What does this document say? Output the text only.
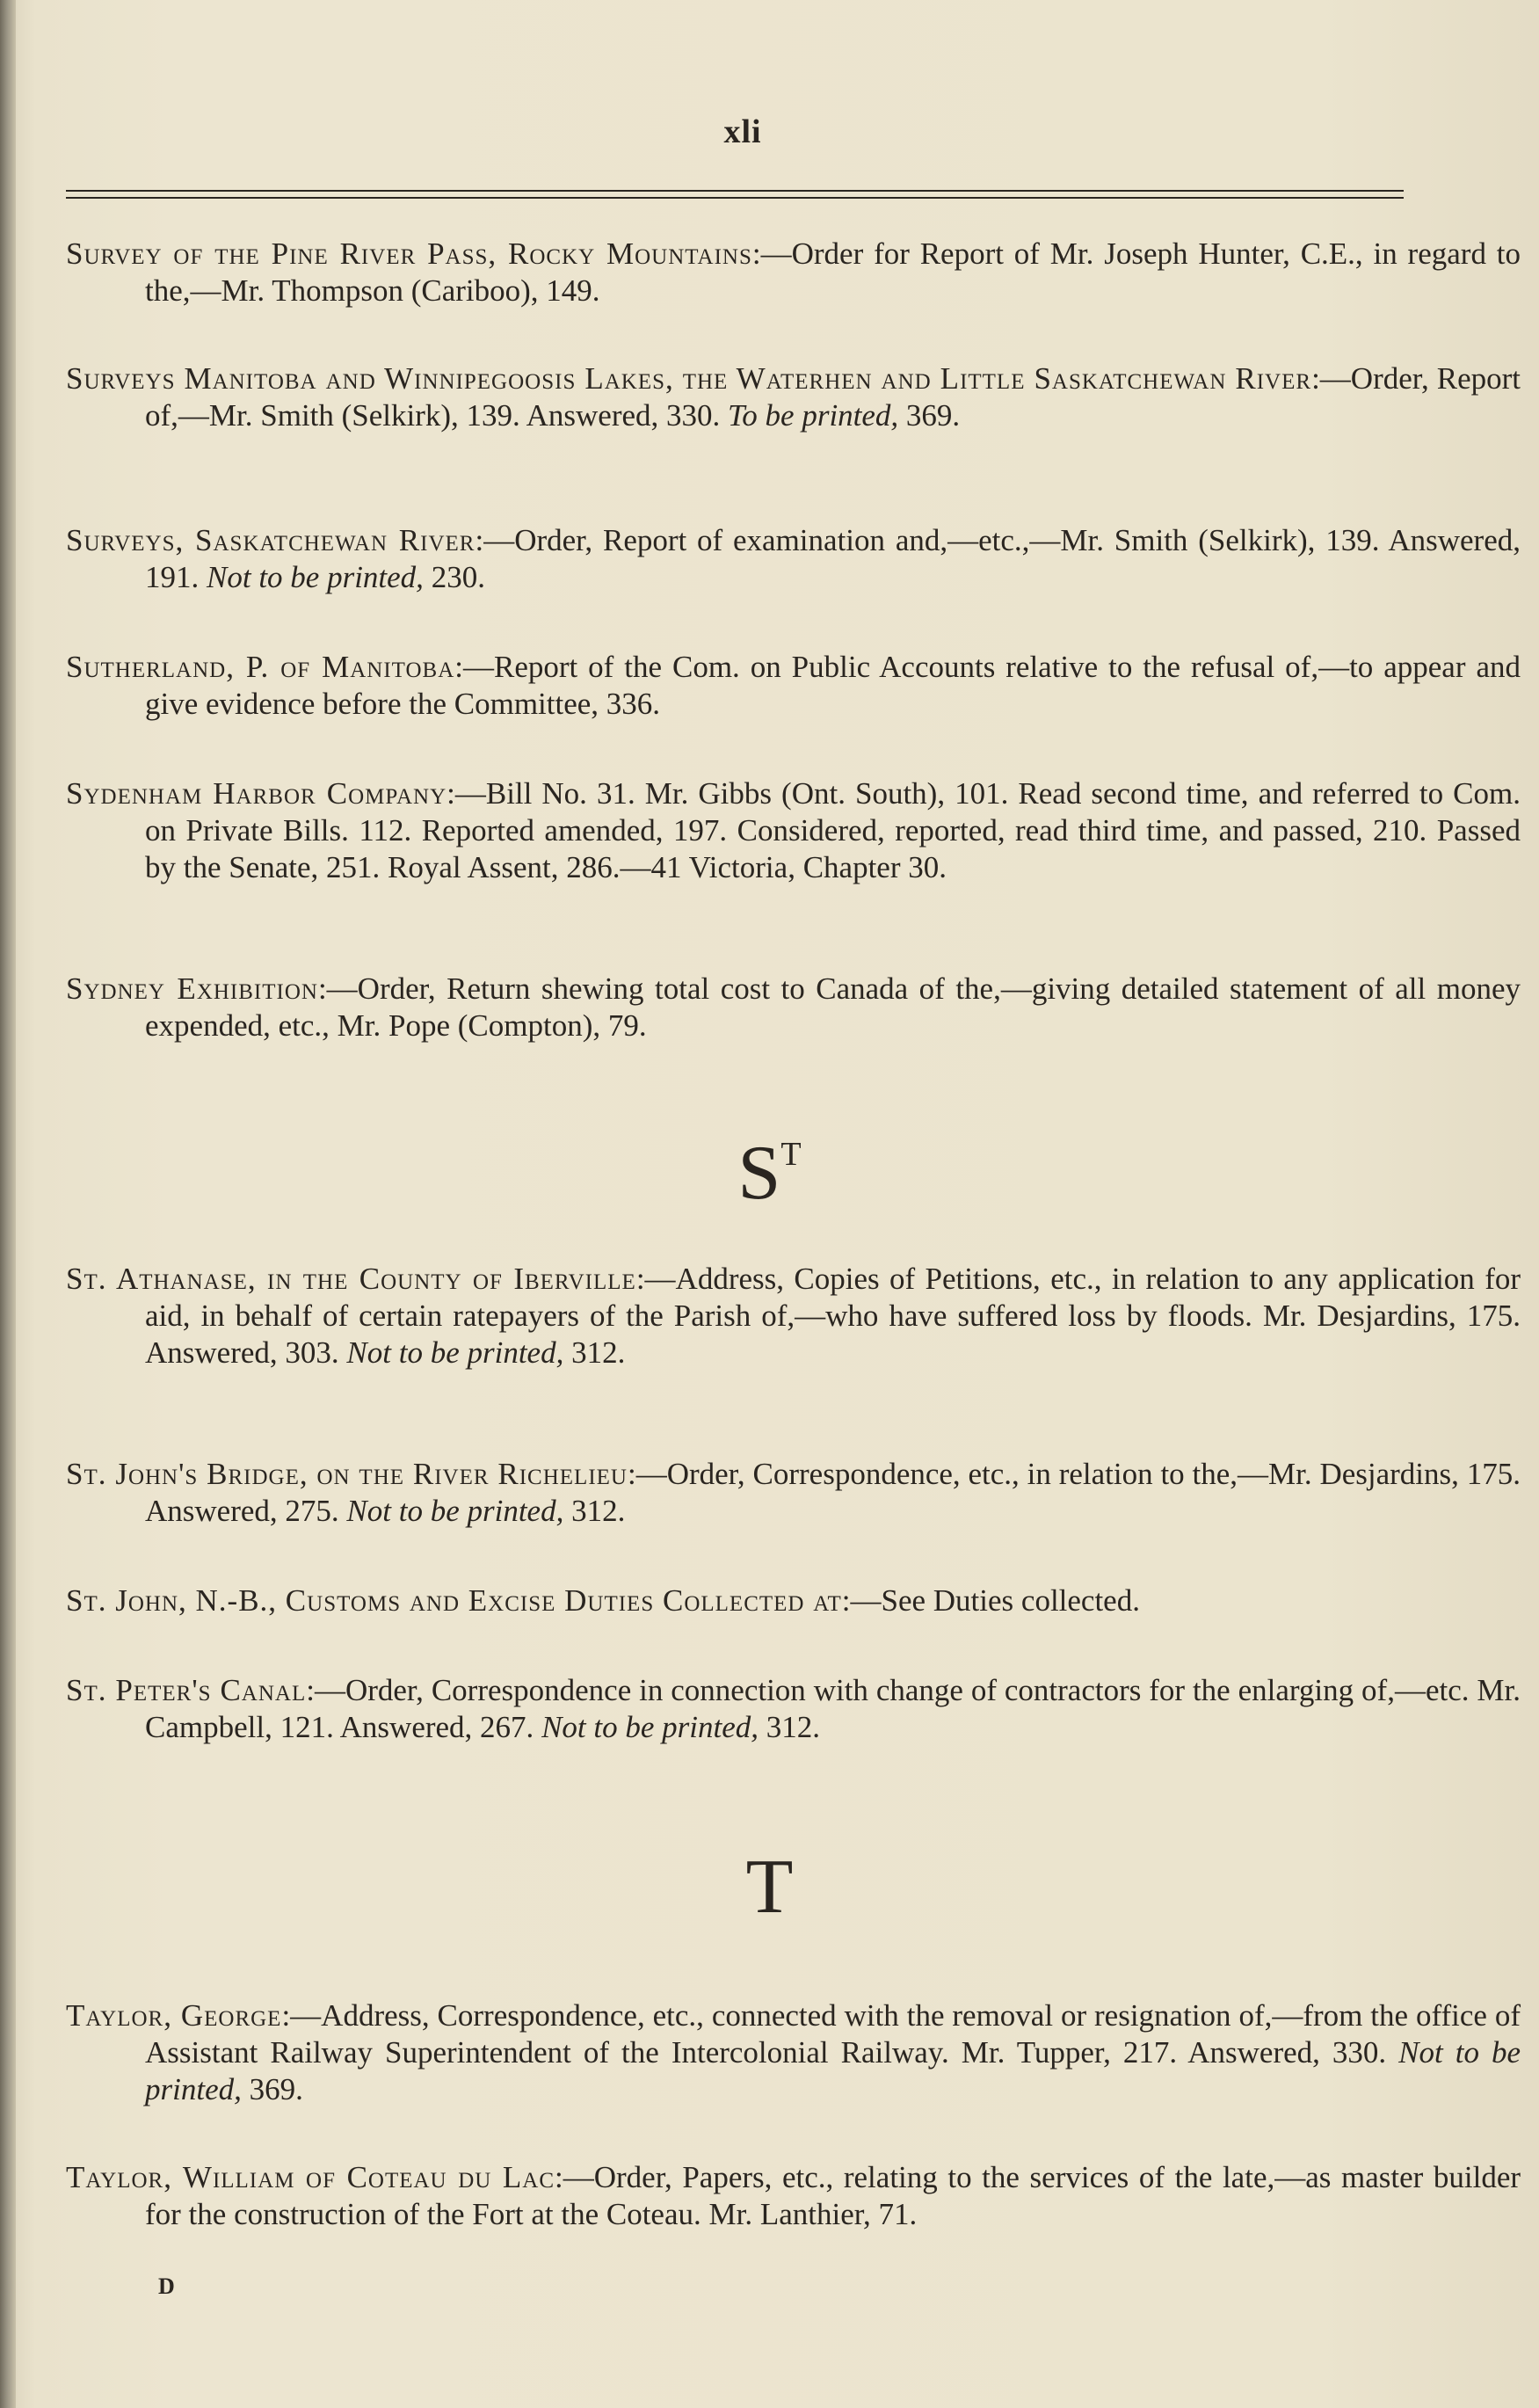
xli
Survey of the Pine River Pass, Rocky Mountains:—Order for Report of Mr. Joseph Hunter, C.E., in regard to the,—Mr. Thompson (Cariboo), 149.
Surveys Manitoba and Winnipegoosis Lakes, the Waterhen and Little Saskatchewan River:—Order, Report of,—Mr. Smith (Selkirk), 139. Answered, 330. To be printed, 369.
Surveys, Saskatchewan River:—Order, Report of examination and,—etc.,—Mr. Smith (Selkirk), 139. Answered, 191. Not to be printed, 230.
Sutherland, P. of Manitoba:—Report of the Com. on Public Accounts relative to the refusal of,—to appear and give evidence before the Committee, 336.
Sydenham Harbor Company:—Bill No. 31. Mr. Gibbs (Ont. South), 101. Read second time, and referred to Com. on Private Bills. 112. Reported amended, 197. Considered, reported, read third time, and passed, 210. Passed by the Senate, 251. Royal Assent, 286.—41 Victoria, Chapter 30.
Sydney Exhibition:—Order, Return shewing total cost to Canada of the,—giving detailed statement of all money expended, etc., Mr. Pope (Compton), 79.
$S^T$
St. Athanase, in the County of Iberville:—Address, Copies of Petitions, etc., in relation to any application for aid, in behalf of certain ratepayers of the Parish of,—who have suffered loss by floods. Mr. Desjardins, 175. Answered, 303. Not to be printed, 312.
St. John's Bridge, on the River Richelieu:—Order, Correspondence, etc., in relation to the,—Mr. Desjardins, 175. Answered, 275. Not to be printed, 312.
St. John, N.-B., Customs and Excise Duties Collected at:—See Duties collected.
St. Peter's Canal:—Order, Correspondence in connection with change of contractors for the enlarging of,—etc. Mr. Campbell, 121. Answered, 267. Not to be printed, 312.
T
Taylor, George:—Address, Correspondence, etc., connected with the removal or resignation of,—from the office of Assistant Railway Superintendent of the Intercolonial Railway. Mr. Tupper, 217. Answered, 330. Not to be printed, 369.
Taylor, William of Coteau du Lac:—Order, Papers, etc., relating to the services of the late,—as master builder for the construction of the Fort at the Coteau. Mr. Lanthier, 71.
D
